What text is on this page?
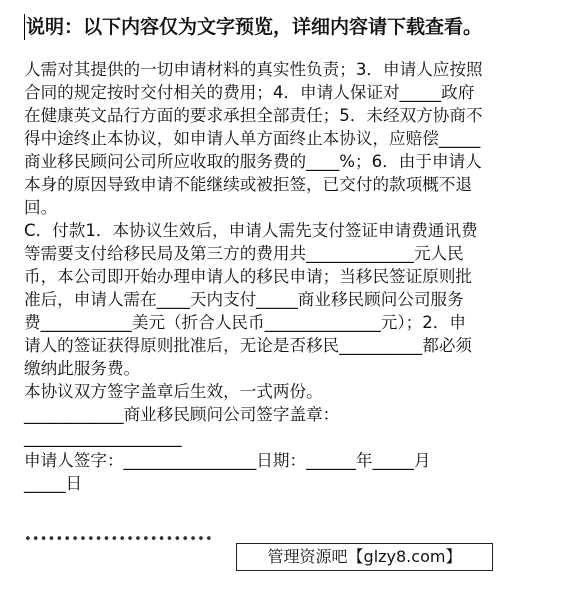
说明：以下内容仅为文字预览，详细内容请下载查看。
人需对其提供的一切申请材料的真实性负责；3．申请人应按照
合同的规定按时交付相关的费用；4．申请人保证对_____政府
在健康英文品行方面的要求承担全部责任；5．未经双方协商不
得中途终止本协议，如申请人单方面终止本协议，应赔偿_____
商业移民顾问公司所应收取的服务费的____%；6．由于申请人
本身的原因导致申请不能继续或被拒签，已交付的款项概不退
回。
C．付款1．本协议生效后，申请人需先支付签证申请费通讯费
等需要支付给移民局及第三方的费用共_____________元人民
币，本公司即开始办理申请人的移民申请；当移民签证原则批
准后，申请人需在____天内支付_____商业移民顾问公司服务
费___________美元（折合人民币______________元）；2．申
请人的签证获得原则批准后，无论是否移民__________都必须
缴纳此服务费。
本协议双方签字盖章后生效，一式两份。
____________商业移民顾问公司签字盖章：
___________________
申请人签字：________________日期：______年_____月
_____日
••••••••••••••••••••••••
管理资源吧【glzy8.com】
